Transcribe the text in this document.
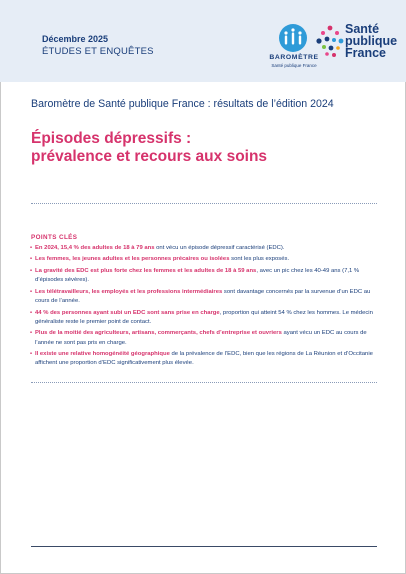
Décembre 2025
ÉTUDES ET ENQUÊTES
BAROMÈTRE
Santé publique France
Santé
publique
France
Baromètre de Santé publique France : résultats de l’édition 2024
Épisodes dépressifs :
prévalence et recours aux soins
POINTS CLÉS
• En 2024, 15,4 % des adultes de 18 à 79 ans ont vécu un épisode dépressif caractérisé (EDC).
• Les femmes, les jeunes adultes et les personnes précaires ou isolées sont les plus exposés.
• La gravité des EDC est plus forte chez les femmes et les adultes de 18 à 59 ans, avec un pic chez les 40-49 ans (7,1 % d’épisodes sévères).
• Les télétravailleurs, les employés et les professions intermédiaires sont davantage concernés par la survenue d’un EDC au cours de l’année.
• 44 % des personnes ayant subi un EDC sont sans prise en charge, proportion qui atteint 54 % chez les hommes. Le médecin généraliste reste le premier point de contact.
• Plus de la moitié des agriculteurs, artisans, commerçants, chefs d’entreprise et ouvriers ayant vécu un EDC au cours de l’année ne sont pas pris en charge.
• Il existe une relative homogénéité géographique de la prévalence de l’EDC, bien que les régions de La Réunion et d’Occitanie affichent une proportion d’EDC significativement plus élevée.
